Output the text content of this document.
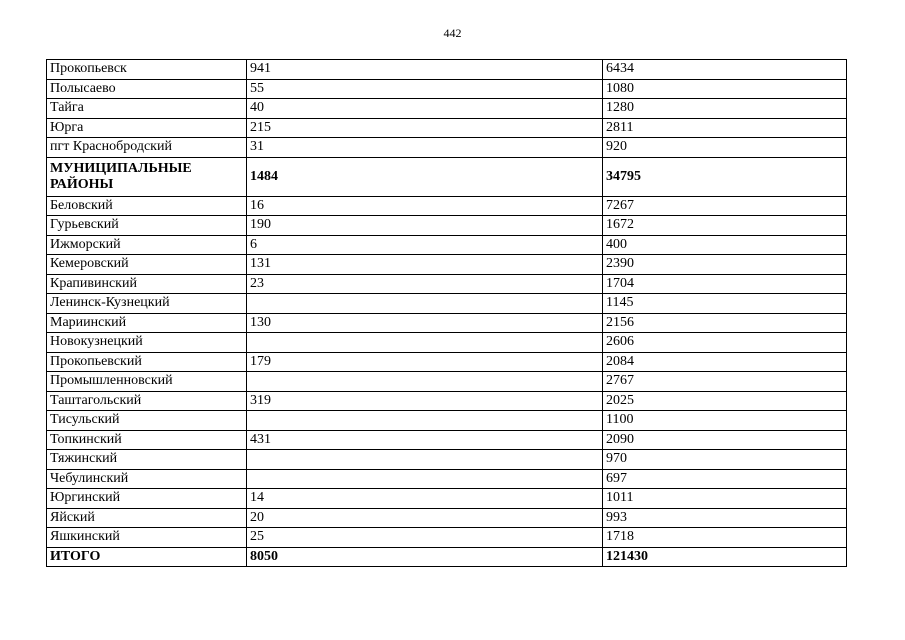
442
Прокопьевск	941	6434
Полысаево	55	1080
Тайга	40	1280
Юрга	215	2811
пгт Краснобродский	31	920
МУНИЦИПАЛЬНЫЕ РАЙОНЫ	1484	34795
Беловский	16	7267
Гурьевский	190	1672
Ижморский	6	400
Кемеровский	131	2390
Крапивинский	23	1704
Ленинск-Кузнецкий		1145
Мариинский	130	2156
Новокузнецкий		2606
Прокопьевский	179	2084
Промышленновский		2767
Таштагольский	319	2025
Тисульский		1100
Топкинский	431	2090
Тяжинский		970
Чебулинский		697
Юргинский	14	1011
Яйский	20	993
Яшкинский	25	1718
ИТОГО	8050	121430
